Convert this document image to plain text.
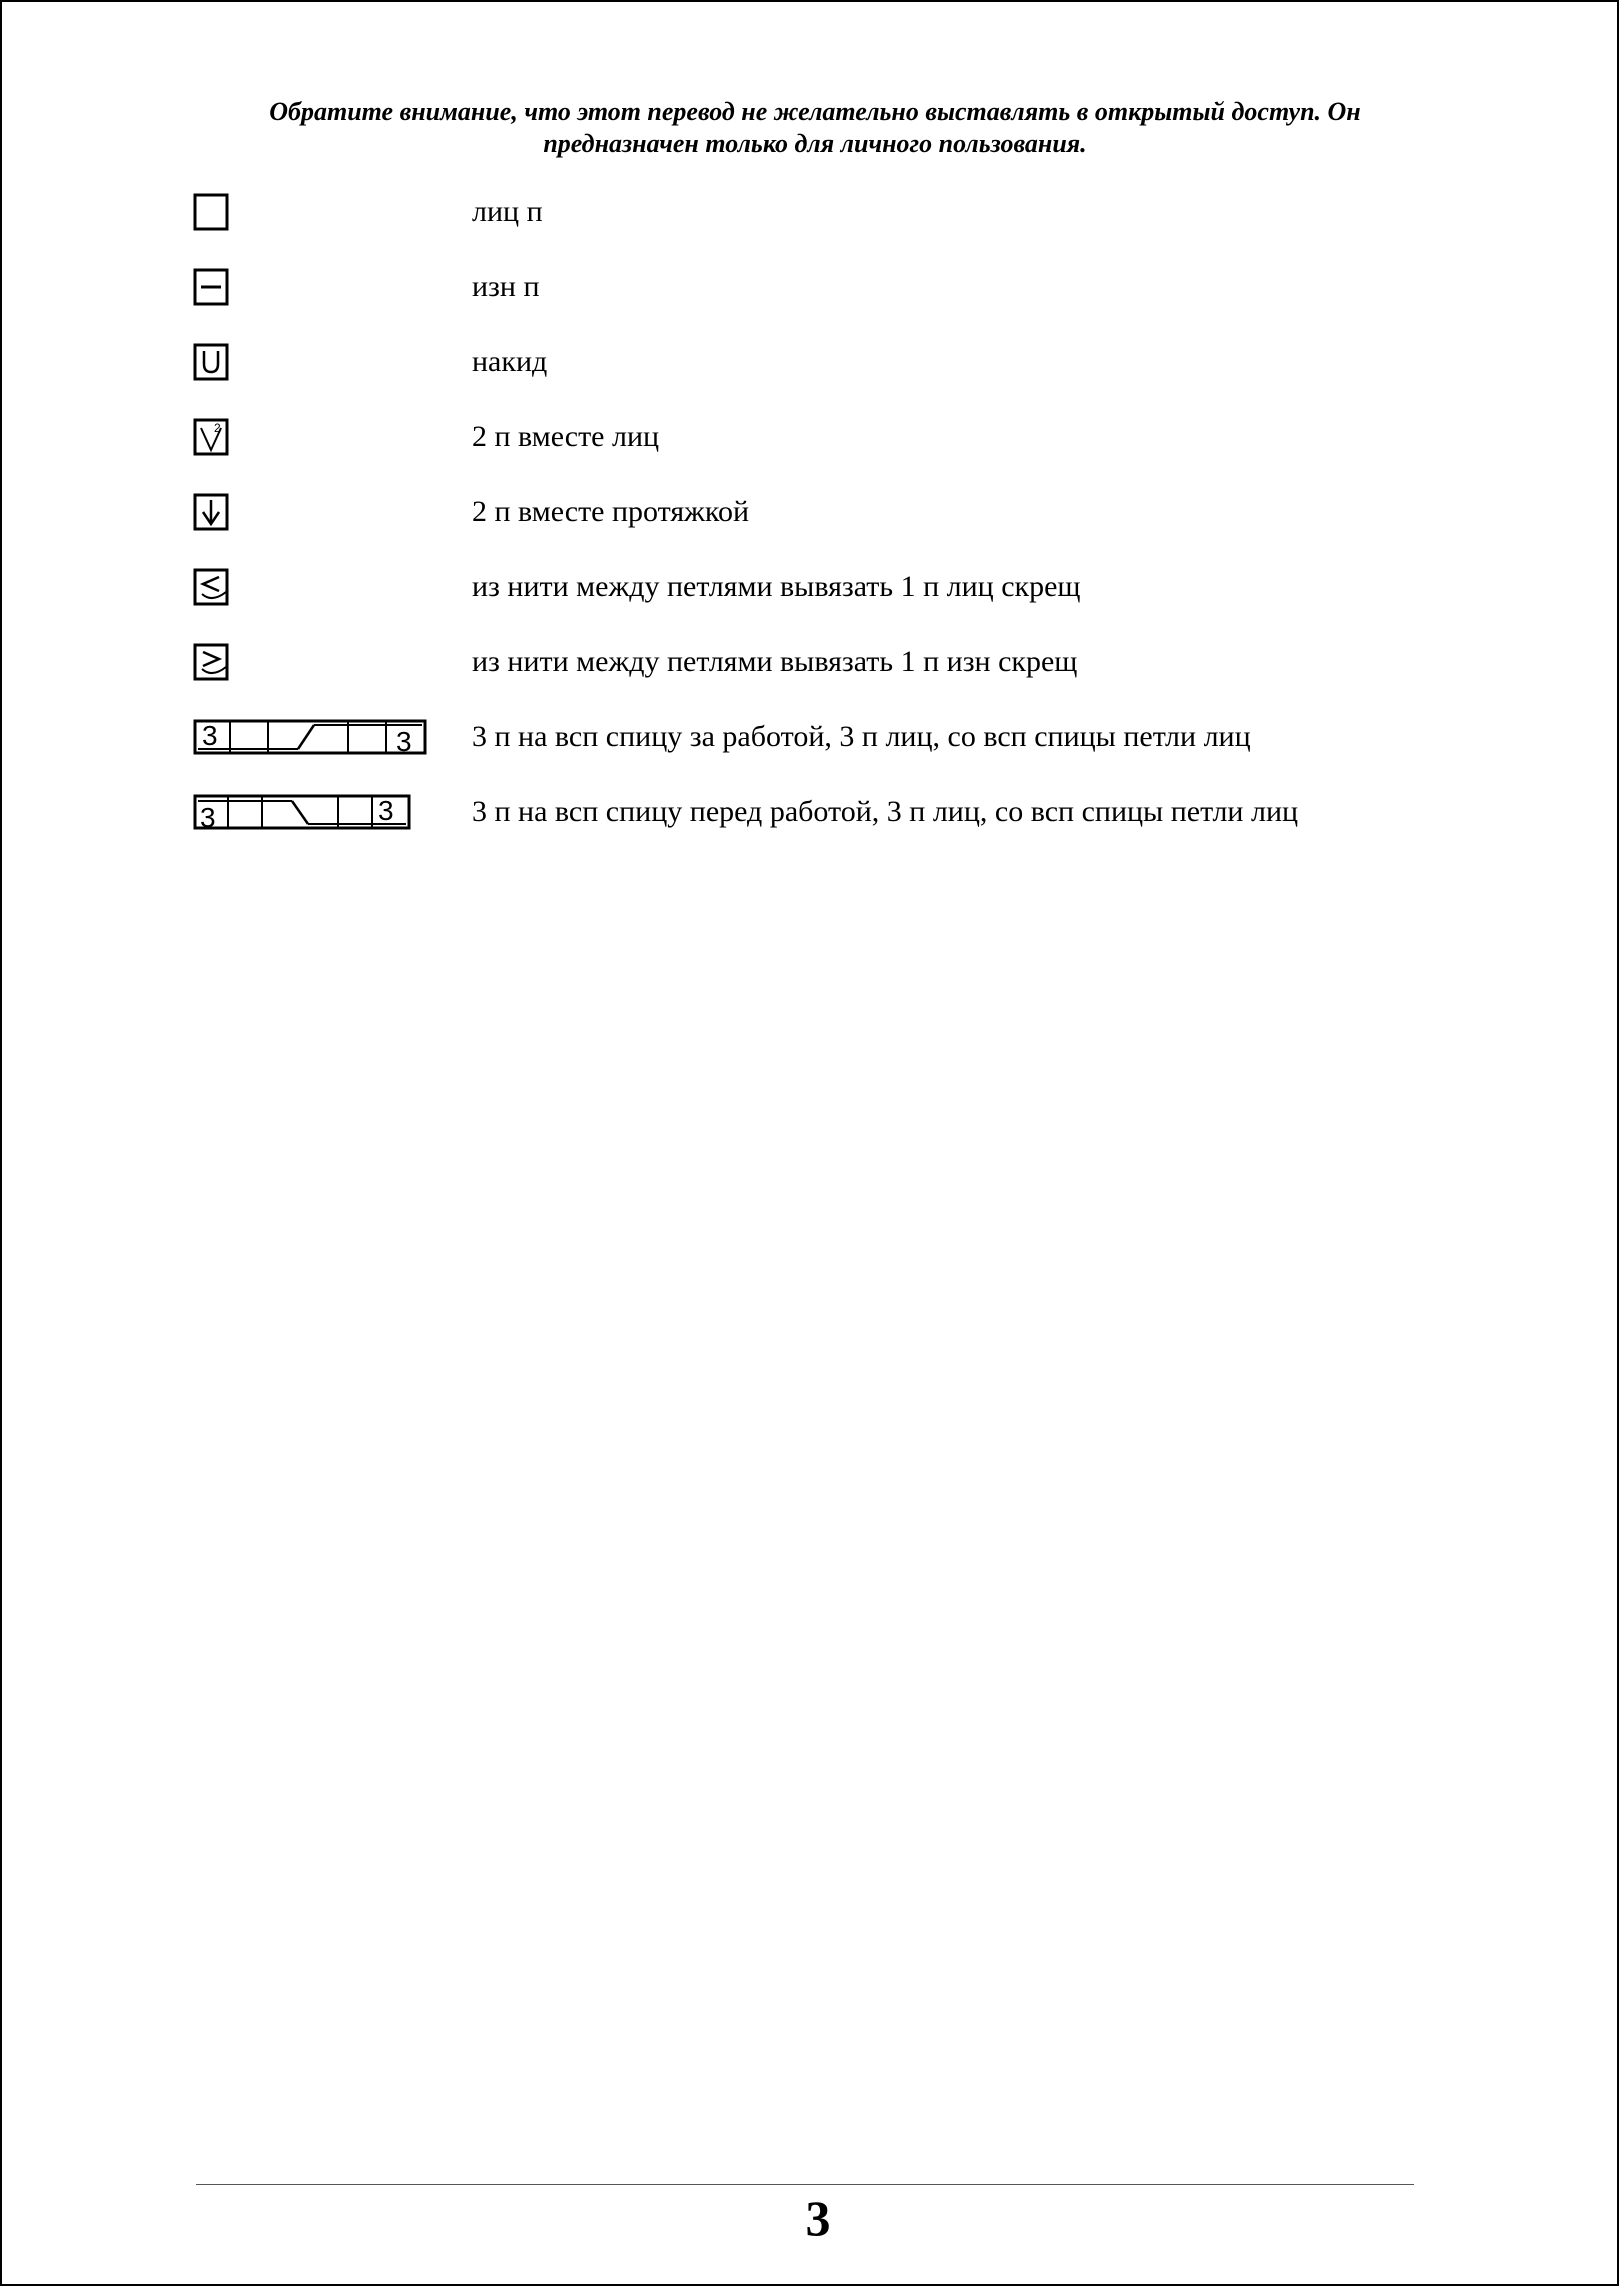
Обратите внимание, что этот перевод не желательно выставлять в открытый доступ. Он предназначен только для личного пользования.
лиц п
изн п
накид
2	2 п вместе лиц
2 п вместе протяжкой
из нити между петлями вывязать 1 п лиц скрещ
из нити между петлями вывязать 1 п изн скрещ
3	3 3 п на всп спицу за работой, 3 п лиц, со всп спицы петли лиц
3	3	3 п на всп спицу перед работой, 3 п лиц, со всп спицы петли лиц
3
